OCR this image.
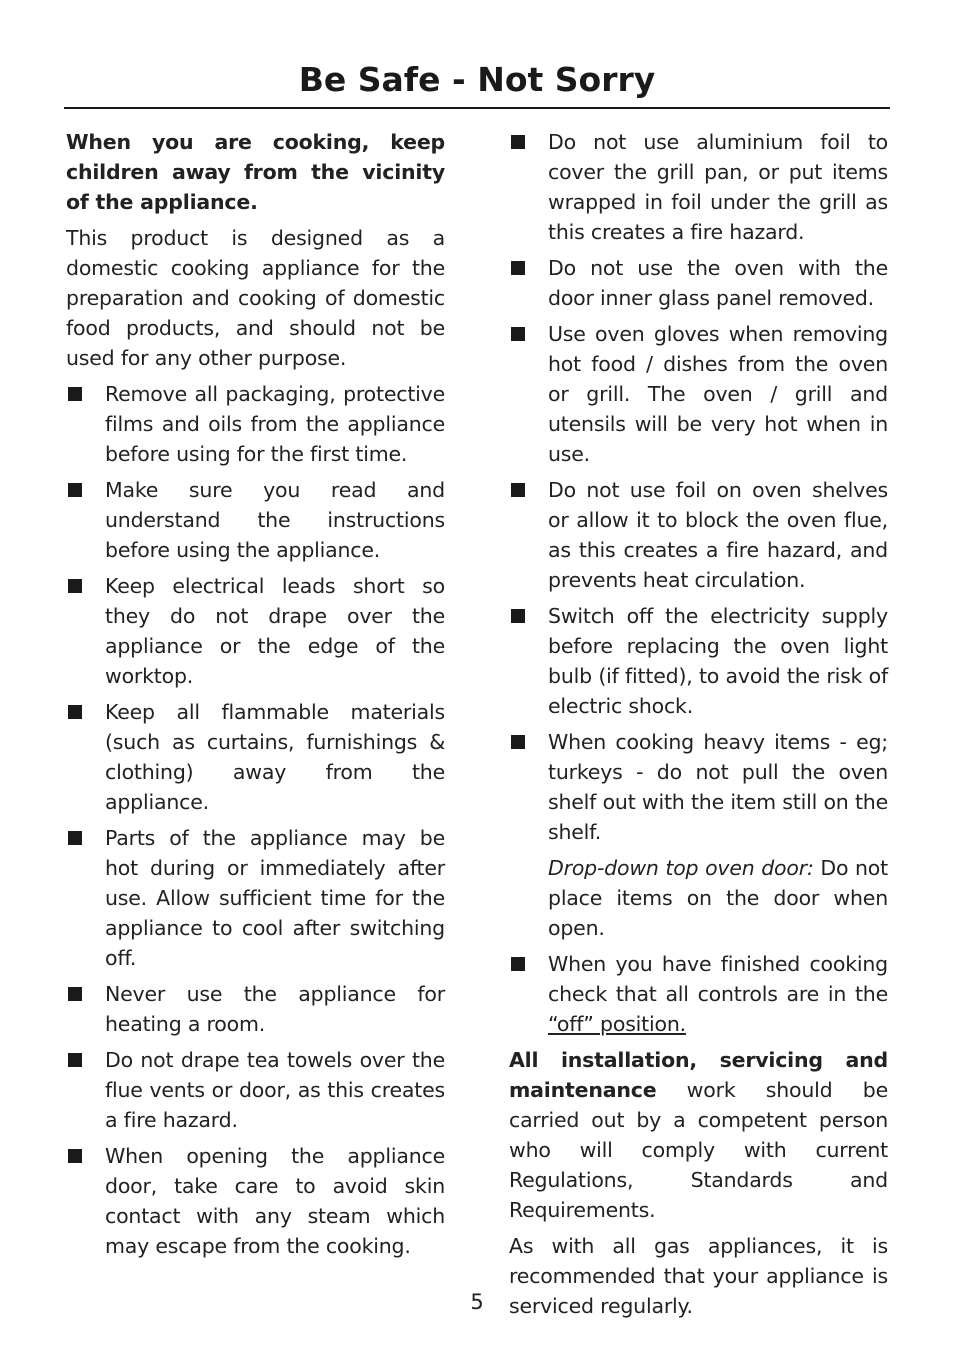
Be Safe - Not Sorry

When you are cooking, keep children away from the vicinity of the appliance.

This product is designed as a domestic cooking appliance for the preparation and cooking of domestic food products, and should not be used for any other purpose.

Remove all packaging, protective films and oils from the appliance before using for the first time.
Make sure you read and understand the instructions before using the appliance.
Keep electrical leads short so they do not drape over the appliance or the edge of the worktop.
Keep all flammable materials (such as curtains, furnishings & clothing) away from the appliance.
Parts of the appliance may be hot during or immediately after use. Allow sufficient time for the appliance to cool after switching off.
Never use the appliance for heating a room.
Do not drape tea towels over the flue vents or door, as this creates a fire hazard.
When opening the appliance door, take care to avoid skin contact with any steam which may escape from the cooking.
Do not use aluminium foil to cover the grill pan, or put items wrapped in foil under the grill as this creates a fire hazard.
Do not use the oven with the door inner glass panel removed.
Use oven gloves when removing hot food / dishes from the oven or grill. The oven / grill and utensils will be very hot when in use.
Do not use foil on oven shelves or allow it to block the oven flue, as this creates a fire hazard, and prevents heat circulation.
Switch off the electricity supply before replacing the oven light bulb (if fitted), to avoid the risk of electric shock.
When cooking heavy items - eg; turkeys - do not pull the oven shelf out with the item still on the shelf.

Drop-down top oven door: Do not place items on the door when open.

When you have finished cooking check that all controls are in the “off” position.

All installation, servicing and maintenance work should be carried out by a competent person who will comply with current Regulations, Standards and Requirements.

As with all gas appliances, it is recommended that your appliance is serviced regularly.

5
